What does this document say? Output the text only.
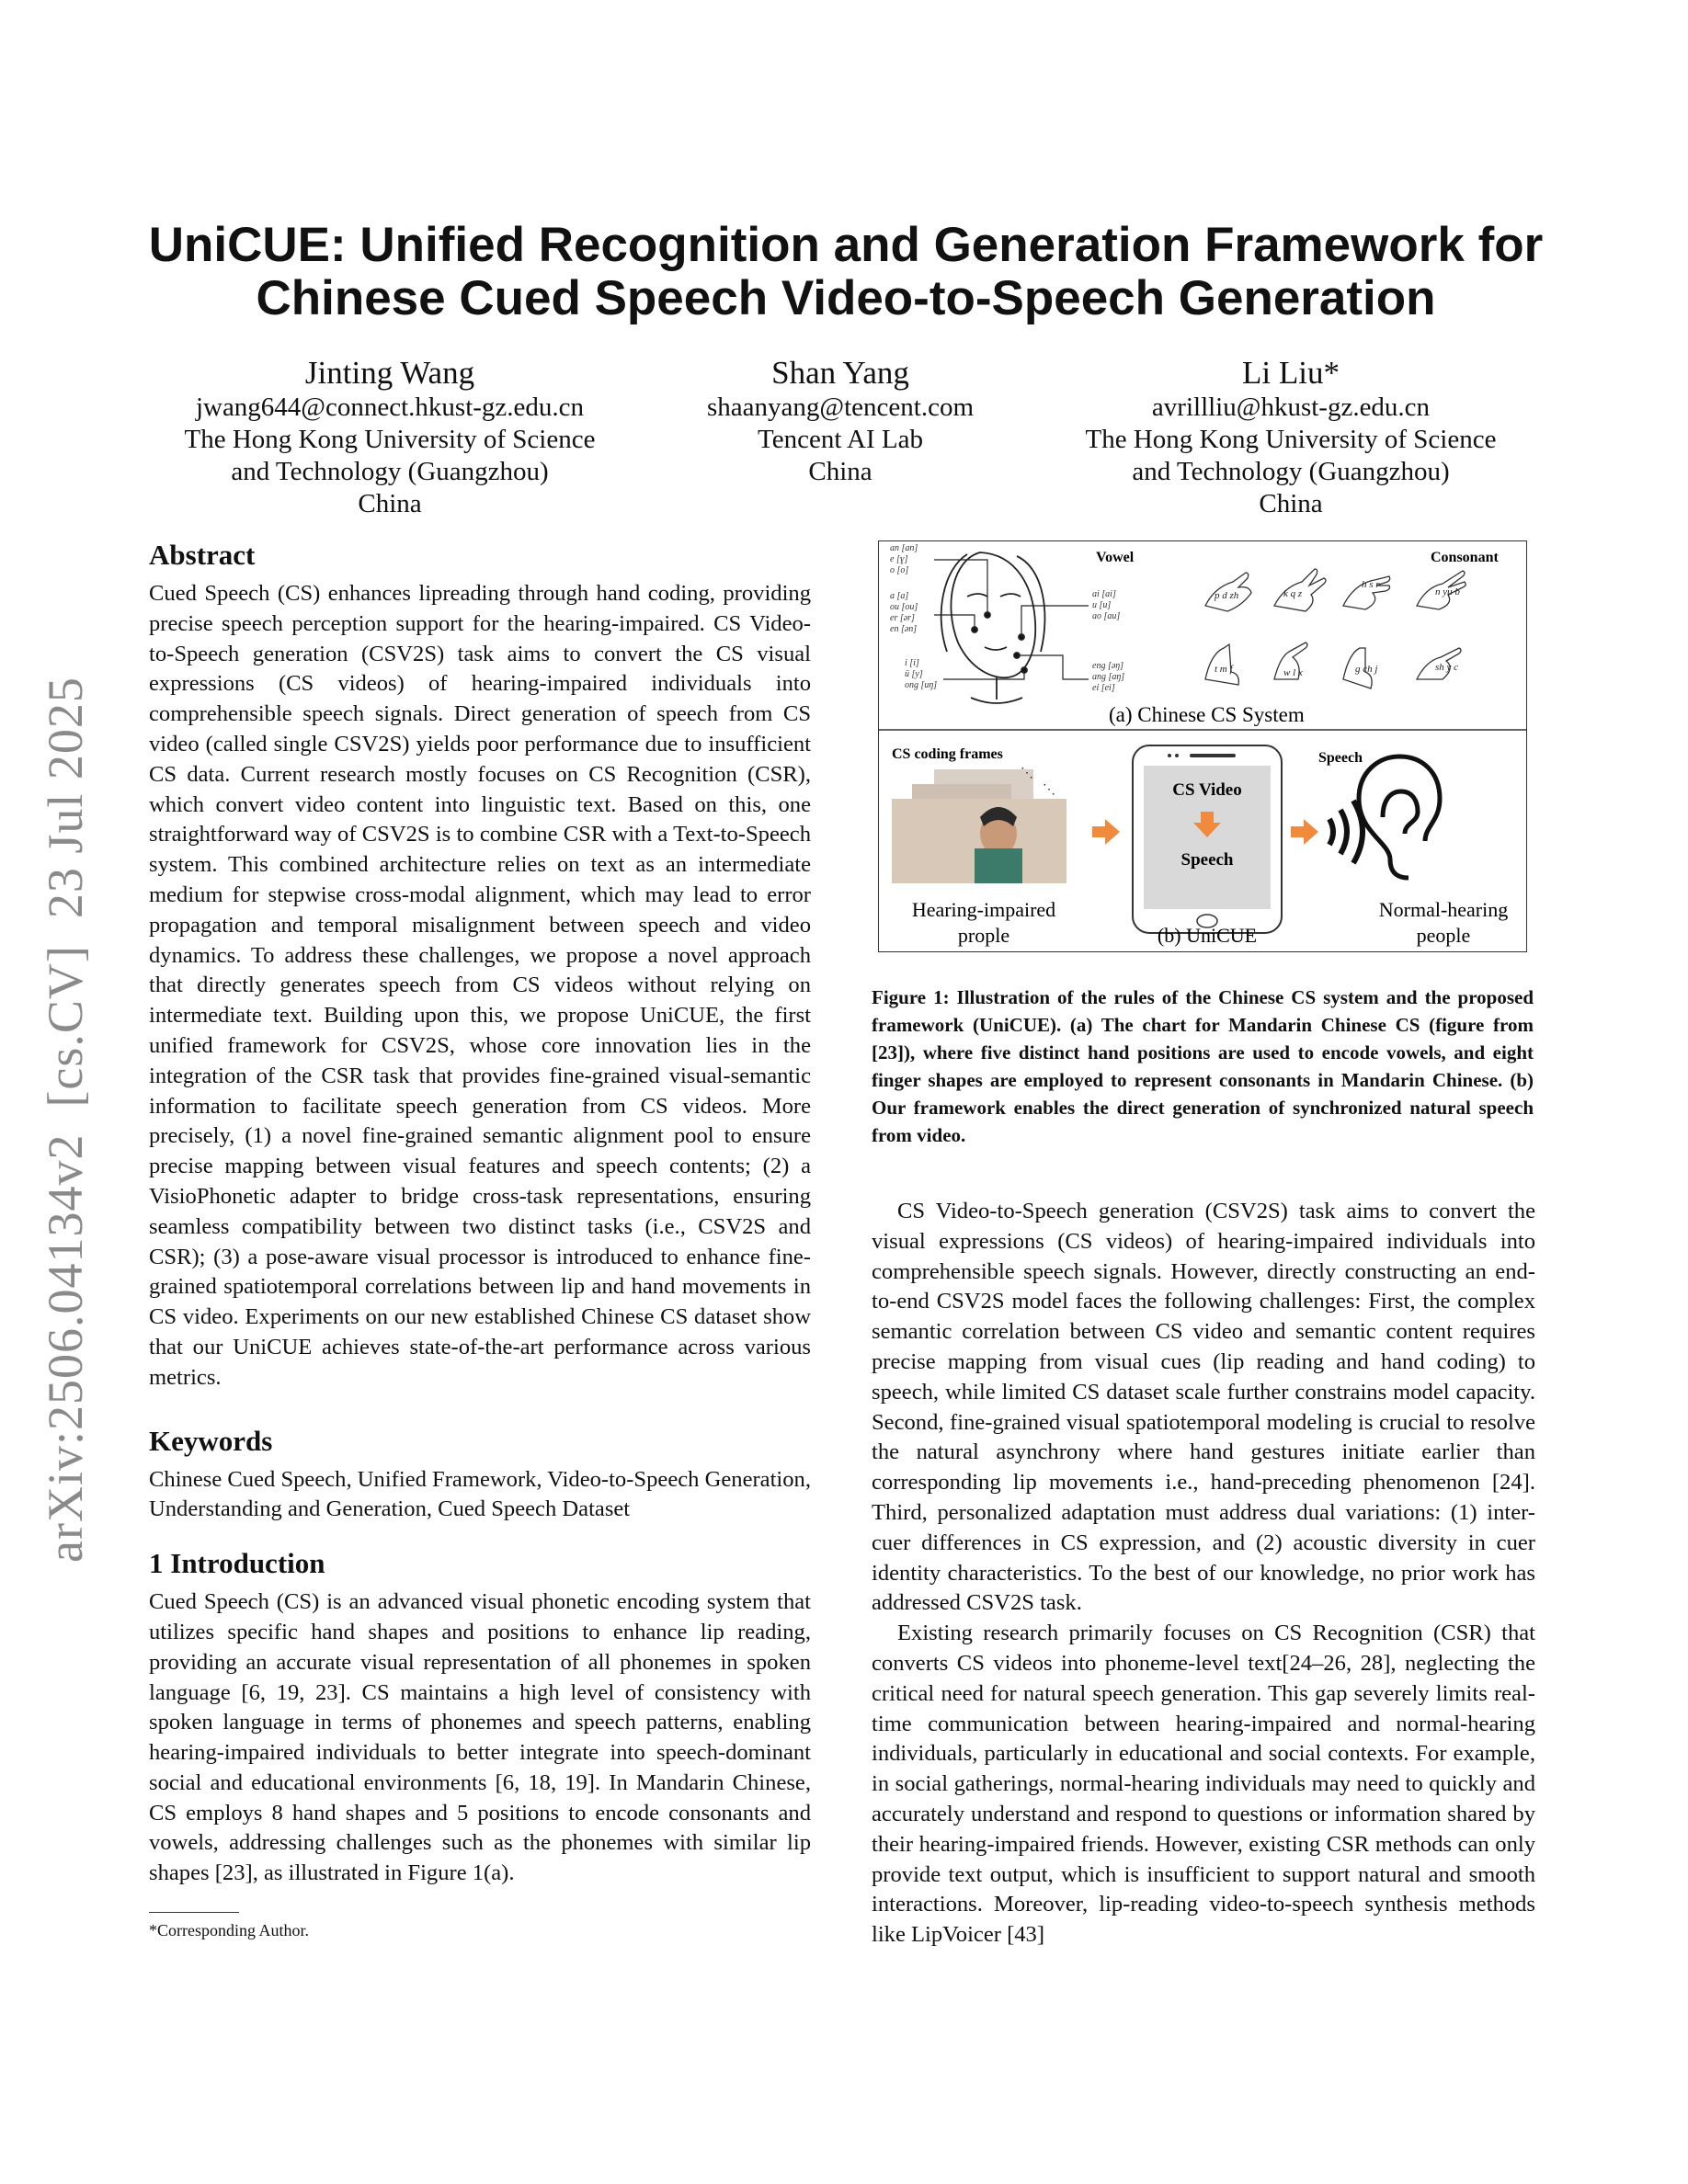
arXiv:2506.04134v2  [cs.CV]  23 Jul 2025
UniCUE: Unified Recognition and Generation Framework for
Chinese Cued Speech Video-to-Speech Generation
Jinting Wang
jwang644@connect.hkust-gz.edu.cn
The Hong Kong University of Science
and Technology (Guangzhou)
China
Shan Yang
shaanyang@tencent.com
Tencent AI Lab
China
Li Liu*
avrillliu@hkust-gz.edu.cn
The Hong Kong University of Science
and Technology (Guangzhou)
China
Abstract

Cued Speech (CS) enhances lipreading through hand coding, providing precise speech perception support for the hearing-impaired. CS Video-to-Speech generation (CSV2S) task aims to convert the CS visual expressions (CS videos) of hearing-impaired individuals into comprehensible speech signals. Direct generation of speech from CS video (called single CSV2S) yields poor performance due to insufficient CS data. Current research mostly focuses on CS Recognition (CSR), which convert video content into linguistic text. Based on this, one straightforward way of CSV2S is to combine CSR with a Text-to-Speech system. This combined architecture relies on text as an intermediate medium for stepwise cross-modal alignment, which may lead to error propagation and temporal misalignment between speech and video dynamics. To address these challenges, we propose a novel approach that directly generates speech from CS videos without relying on intermediate text. Building upon this, we propose UniCUE, the first unified framework for CSV2S, whose core innovation lies in the integration of the CSR task that provides fine-grained visual-semantic information to facilitate speech generation from CS videos. More precisely, (1) a novel fine-grained semantic alignment pool to ensure precise mapping between visual features and speech contents; (2) a VisioPhonetic adapter to bridge cross-task representations, ensuring seamless compatibility between two distinct tasks (i.e., CSV2S and CSR); (3) a pose-aware visual processor is introduced to enhance fine-grained spatiotemporal correlations between lip and hand movements in CS video. Experiments on our new established Chinese CS dataset show that our UniCUE achieves state-of-the-art performance across various metrics.

Keywords

Chinese Cued Speech, Unified Framework, Video-to-Speech Generation, Understanding and Generation, Cued Speech Dataset

1 Introduction

Cued Speech (CS) is an advanced visual phonetic encoding system that utilizes specific hand shapes and positions to enhance lip reading, providing an accurate visual representation of all phonemes in spoken language [6, 19, 23]. CS maintains a high level of consistency with spoken language in terms of phonemes and speech patterns, enabling hearing-impaired individuals to better integrate into speech-dominant social and educational environments [6, 18, 19]. In Mandarin Chinese, CS employs 8 hand shapes and 5 positions to encode consonants and vowels, addressing challenges such as the phonemes with similar lip shapes [23], as illustrated in Figure 1(a).

*Corresponding Author.
Vowel	Consonant
an [an]
e [ɣ]
o [o]
a [a]
ou [ou]
er [ər]
en [ən]
i [i]
ü [y]
ong [uŋ]
ai [ai]
u [u]
ao [au]
eng [əŋ]
ang [aŋ]
ei [ei]
p d zh	k q z
h s r
n yu b
t m f	w l x	g ch j	sh y c
(a) Chinese CS System
CS coding frames
⋱
⋱	CS Video
Speech
Speech
Hearing-impaired
prople	(b) UniCUE
Normal-hearing
people
Figure 1: Illustration of the rules of the Chinese CS system and the proposed framework (UniCUE). (a) The chart for Mandarin Chinese CS (figure from [23]), where five distinct hand positions are used to encode vowels, and eight finger shapes are employed to represent consonants in Mandarin Chinese. (b) Our framework enables the direct generation of synchronized natural speech from video.

CS Video-to-Speech generation (CSV2S) task aims to convert the visual expressions (CS videos) of hearing-impaired individuals into comprehensible speech signals. However, directly constructing an end-to-end CSV2S model faces the following challenges: First, the complex semantic correlation between CS video and semantic content requires precise mapping from visual cues (lip reading and hand coding) to speech, while limited CS dataset scale further constrains model capacity. Second, fine-grained visual spatiotemporal modeling is crucial to resolve the natural asynchrony where hand gestures initiate earlier than corresponding lip movements i.e., hand-preceding phenomenon [24]. Third, personalized adaptation must address dual variations: (1) inter-cuer differences in CS expression, and (2) acoustic diversity in cuer identity characteristics. To the best of our knowledge, no prior work has addressed CSV2S task.

Existing research primarily focuses on CS Recognition (CSR) that converts CS videos into phoneme-level text[24–26, 28], neglecting the critical need for natural speech generation. This gap severely limits real-time communication between hearing-impaired and normal-hearing individuals, particularly in educational and social contexts. For example, in social gatherings, normal-hearing individuals may need to quickly and accurately understand and respond to questions or information shared by their hearing-impaired friends. However, existing CSR methods can only provide text output, which is insufficient to support natural and smooth interactions. Moreover, lip-reading video-to-speech synthesis methods like LipVoicer [43]
